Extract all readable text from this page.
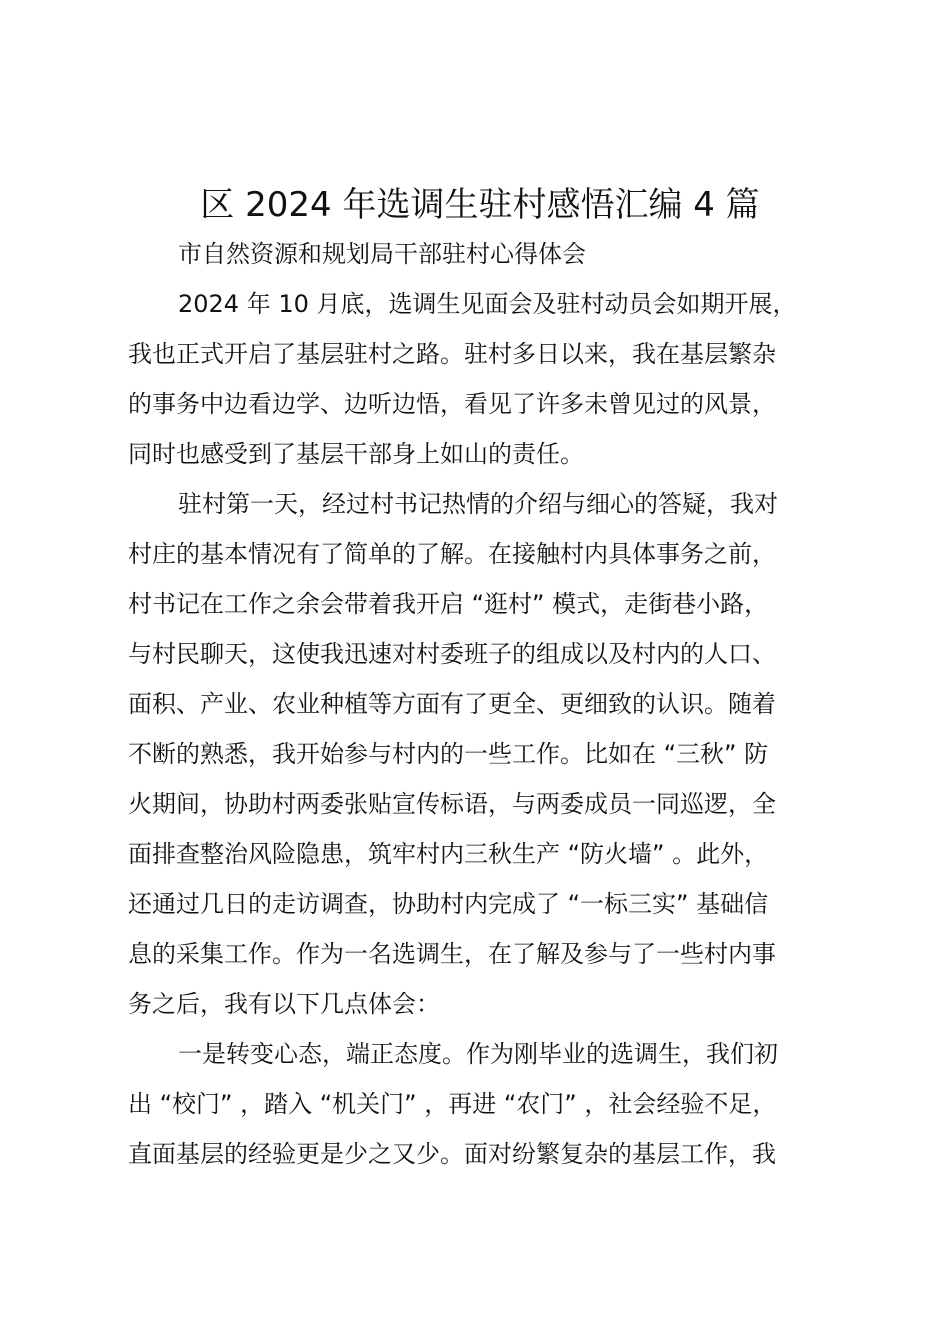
区 2024 年选调生驻村感悟汇编 4 篇

市自然资源和规划局干部驻村心得体会

2024 年 10 月底，选调生见面会及驻村动员会如期开展，

我也正式开启了基层驻村之路。驻村多日以来，我在基层繁杂

的事务中边看边学、边听边悟，看见了许多未曾见过的风景，

同时也感受到了基层干部身上如山的责任。

驻村第一天，经过村书记热情的介绍与细心的答疑，我对

村庄的基本情况有了简单的了解。在接触村内具体事务之前，

村书记在工作之余会带着我开启 “逛村” 模式，走街巷小路，

与村民聊天，这使我迅速对村委班子的组成以及村内的人口、

面积、产业、农业种植等方面有了更全、更细致的认识。随着

不断的熟悉，我开始参与村内的一些工作。比如在 “三秋” 防

火期间，协助村两委张贴宣传标语，与两委成员一同巡逻，全

面排查整治风险隐患，筑牢村内三秋生产 “防火墙” 。此外，

还通过几日的走访调查，协助村内完成了 “一标三实” 基础信

息的采集工作。作为一名选调生，在了解及参与了一些村内事

务之后，我有以下几点体会：

一是转变心态，端正态度。作为刚毕业的选调生，我们初

出 “校门” ，踏入 “机关门” ，再进 “农门” ，社会经验不足，

直面基层的经验更是少之又少。面对纷繁复杂的基层工作，我
